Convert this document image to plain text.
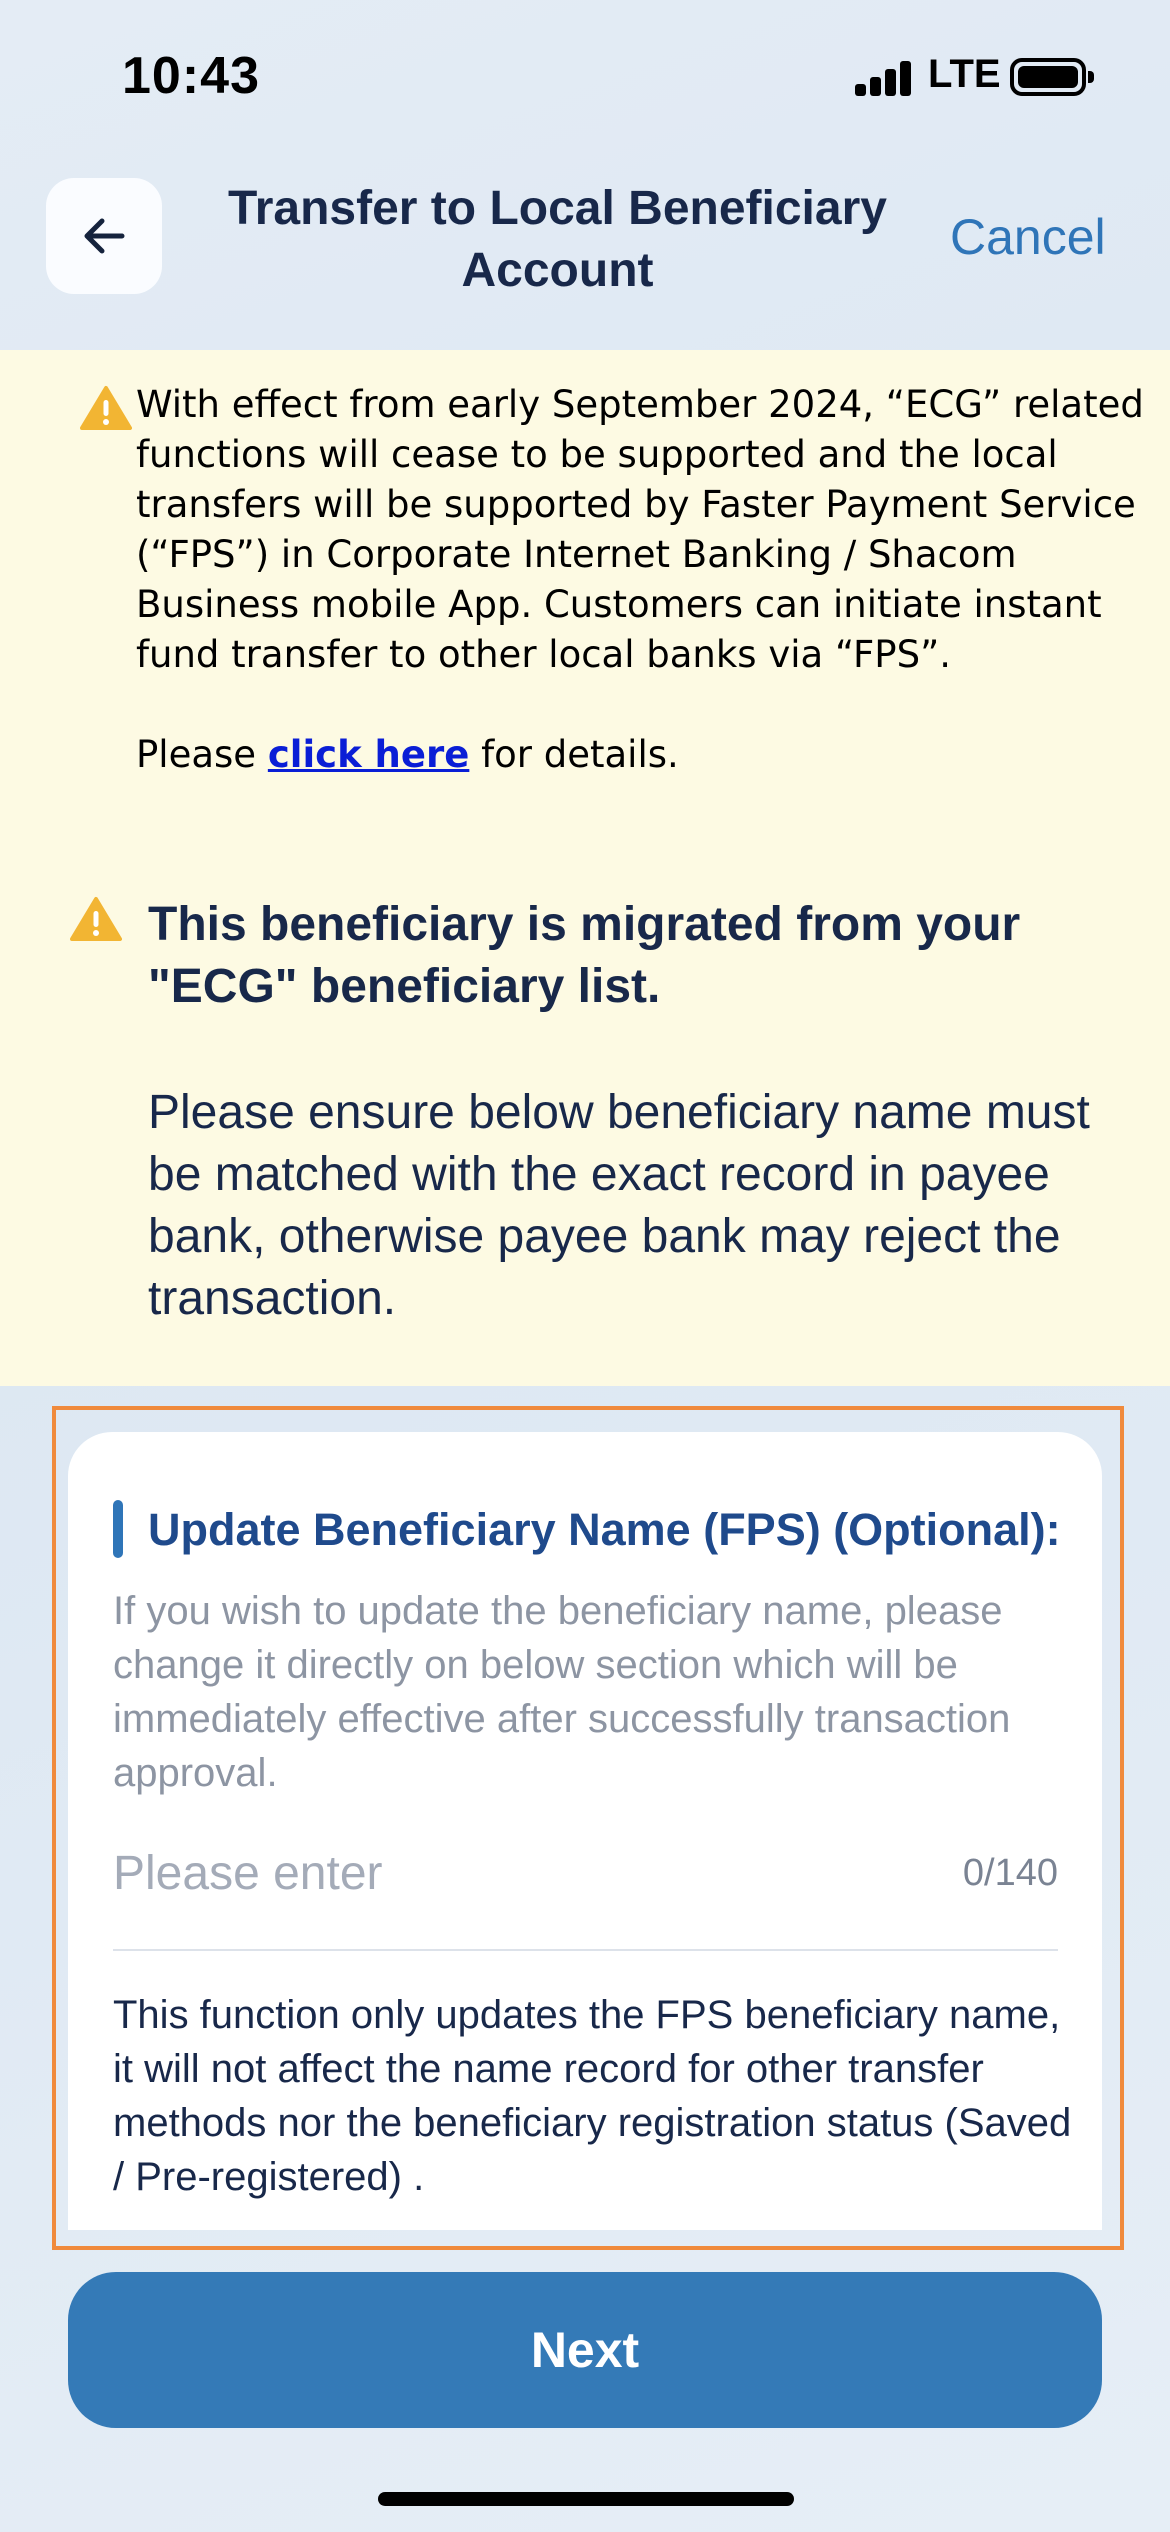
10:43	LTE
Transfer to Local Beneficiary Account
Cancel

With effect from early September 2024, “ECG” related functions will cease to be supported and the local transfers will be supported by Faster Payment Service (“FPS”) in Corporate Internet Banking / Shacom Business mobile App. Customers can initiate instant fund transfer to other local banks via “FPS”.

Please click here for details.

This beneficiary is migrated from your "ECG" beneficiary list.
Please ensure below beneficiary name must be matched with the exact record in payee bank, otherwise payee bank may reject the transaction.
Update Beneficiary Name (FPS) (Optional):
If you wish to update the beneficiary name, please change it directly on below section which will be immediately effective after successfully transaction approval.
Please enter
0/140
This function only updates the FPS beneficiary name, it will not affect the name record for other transfer methods nor the beneficiary registration status (Saved / Pre-registered) .
Next
